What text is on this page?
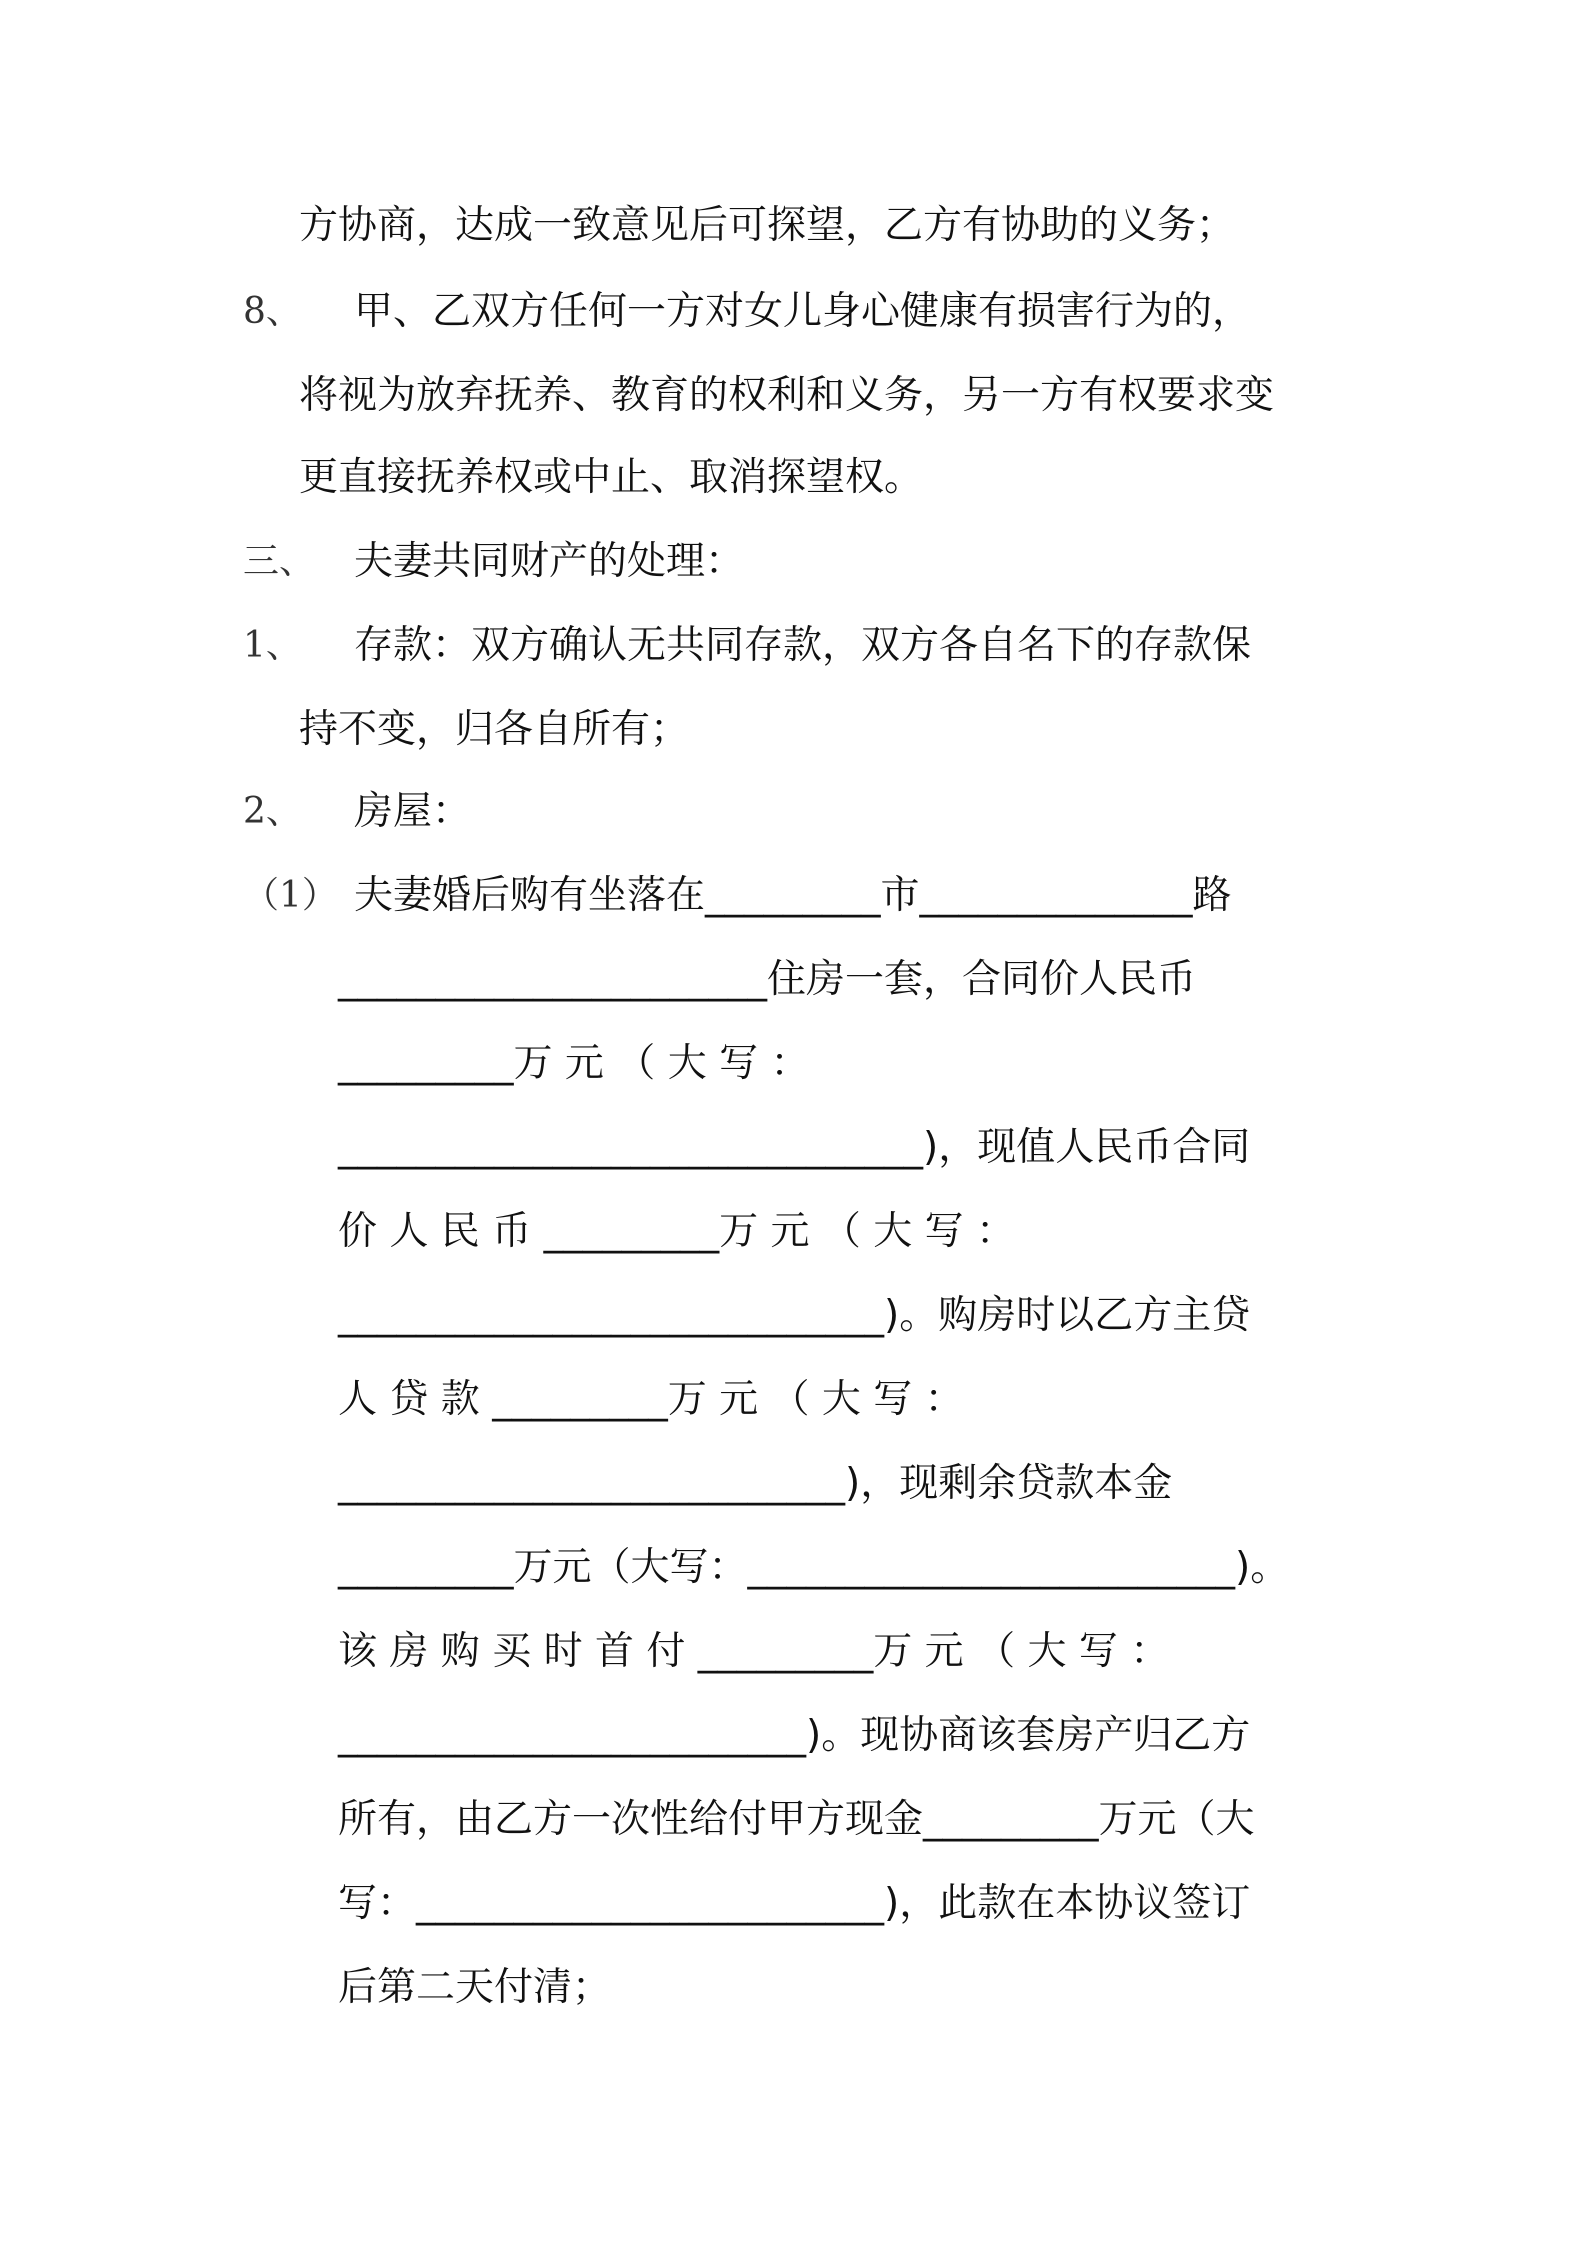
方协商，达成一致意见后可探望，乙方有协助的义务；
8、 甲、乙双方任何一方对女儿身心健康有损害行为的，
将视为放弃抚养、教育的权利和义务，另一方有权要求变
更直接抚养权或中止、取消探望权。
三、 夫妻共同财产的处理：
1、 存款：双方确认无共同存款，双方各自名下的存款保
持不变，归各自所有；
2、 房屋：
（1） 夫妻婚后购有坐落在_________市______________路
______________________住房一套，合同价人民币
_________万 元 （ 大 写 ：
______________________________)，现值人民币合同
价 人 民 币 _________万 元 （ 大 写 ：
____________________________)。购房时以乙方主贷
人 贷 款 _________万 元 （ 大 写 ：
__________________________)，现剩余贷款本金
_________万元（大写：_________________________)。
该 房 购 买 时 首 付 _________万 元 （ 大 写 ：
________________________)。现协商该套房产归乙方
所有，由乙方一次性给付甲方现金_________万元（大
写：________________________)，此款在本协议签订
后第二天付清；
